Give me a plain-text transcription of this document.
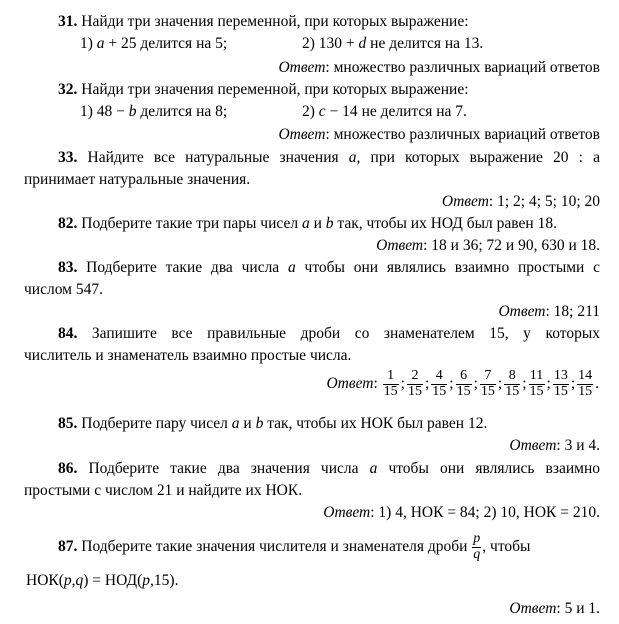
31. Найди три значения переменной, при которых выражение:
1) a + 25 делится на 5;	2) 130 + d не делится на 13.
Ответ: множество различных вариаций ответов
32. Найди три значения переменной, при которых выражение:
1) 48 − b делится на 8;	2) c − 14 не делится на 7.
Ответ: множество различных вариаций ответов
33. Найдите все натуральные значения a, при которых выражение 20 : a
принимает натуральные значения.
Ответ: 1; 2; 4; 5; 10; 20
82. Подберите такие три пары чисел a и b так, чтобы их НОД был равен 18.
Ответ: 18 и 36; 72 и 90, 630 и 18.
83. Подберите такие два числа a чтобы они являлись взаимно простыми с
числом 547.
Ответ: 18; 211
84. Запишите все правильные дроби со знаменателем 15, у которых
числитель и знаменатель взаимно простые числа.
Ответ: $\frac{1}{15}$ ; $\frac{2}{15}$ ; $\frac{4}{15}$ ; $\frac{6}{15}$ ; $\frac{7}{15}$ ; $\frac{8}{15}$ ; $\frac{11}{15}$ ; $\frac{13}{15}$ ; $\frac{14}{15}$ .
85. Подберите пару чисел a и b так, чтобы их НОК был равен 12.
Ответ: 3 и 4.
86. Подберите такие два значения числа a чтобы они являлись взаимно
простыми с числом 21 и найдите их НОК.
Ответ: 1) 4, НОК = 84; 2) 10, НОК = 210.
87. Подберите такие значения числителя и знаменателя дроби $\frac{p}{q}$ , чтобы
НОК(p,q) = НОД(p,15).
Ответ: 5 и 1.
